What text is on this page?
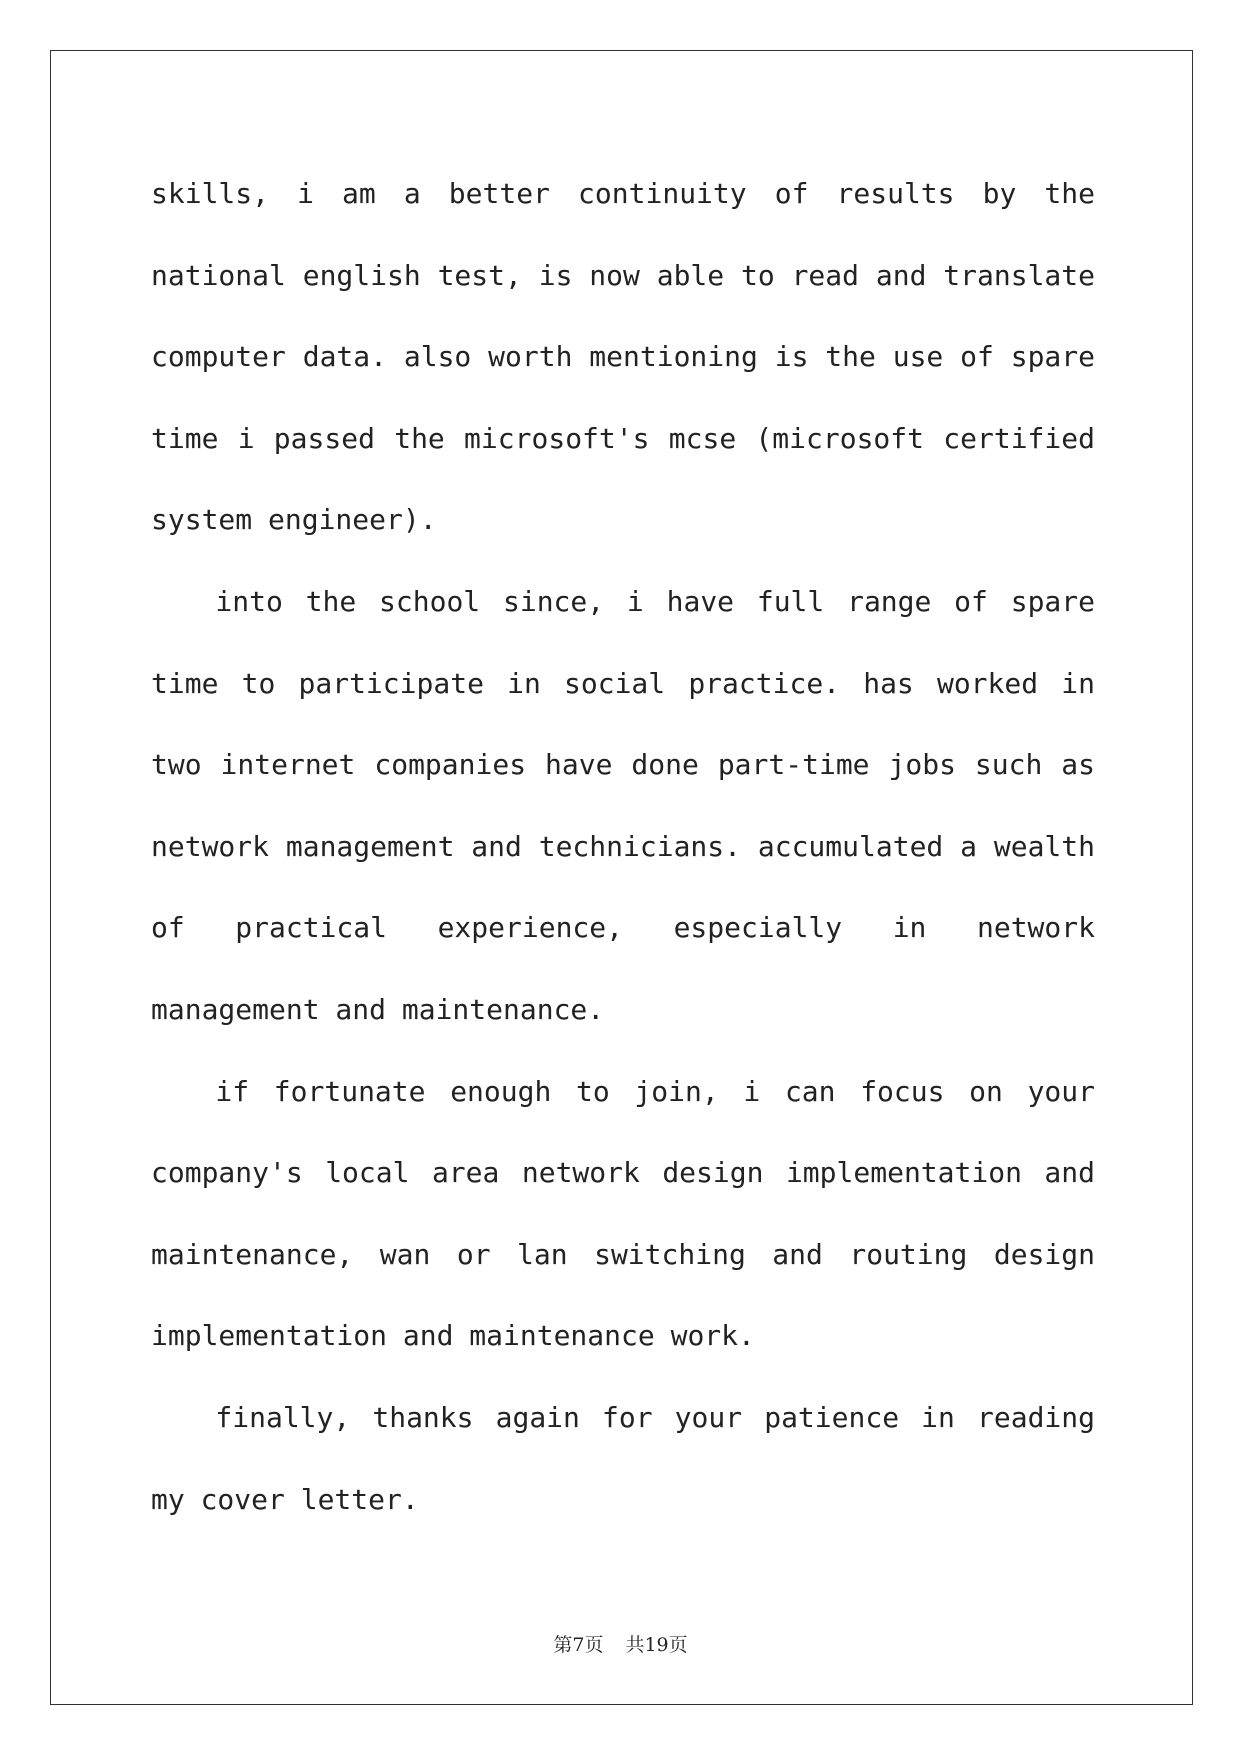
skills, i am a better continuity of results by the national english test, is now able to read and translate computer data. also worth mentioning is the use of spare time i passed the microsoft's mcse (microsoft certified system engineer).

into the school since, i have full range of spare time to participate in social practice. has worked in two internet companies have done part-time jobs such as network management and technicians. accumulated a wealth of practical experience, especially in network management and maintenance.

if fortunate enough to join, i can focus on your company's local area network design implementation and maintenance, wan or lan switching and routing design implementation and maintenance work.

finally, thanks again for your patience in reading my cover letter.

第7页 共19页
